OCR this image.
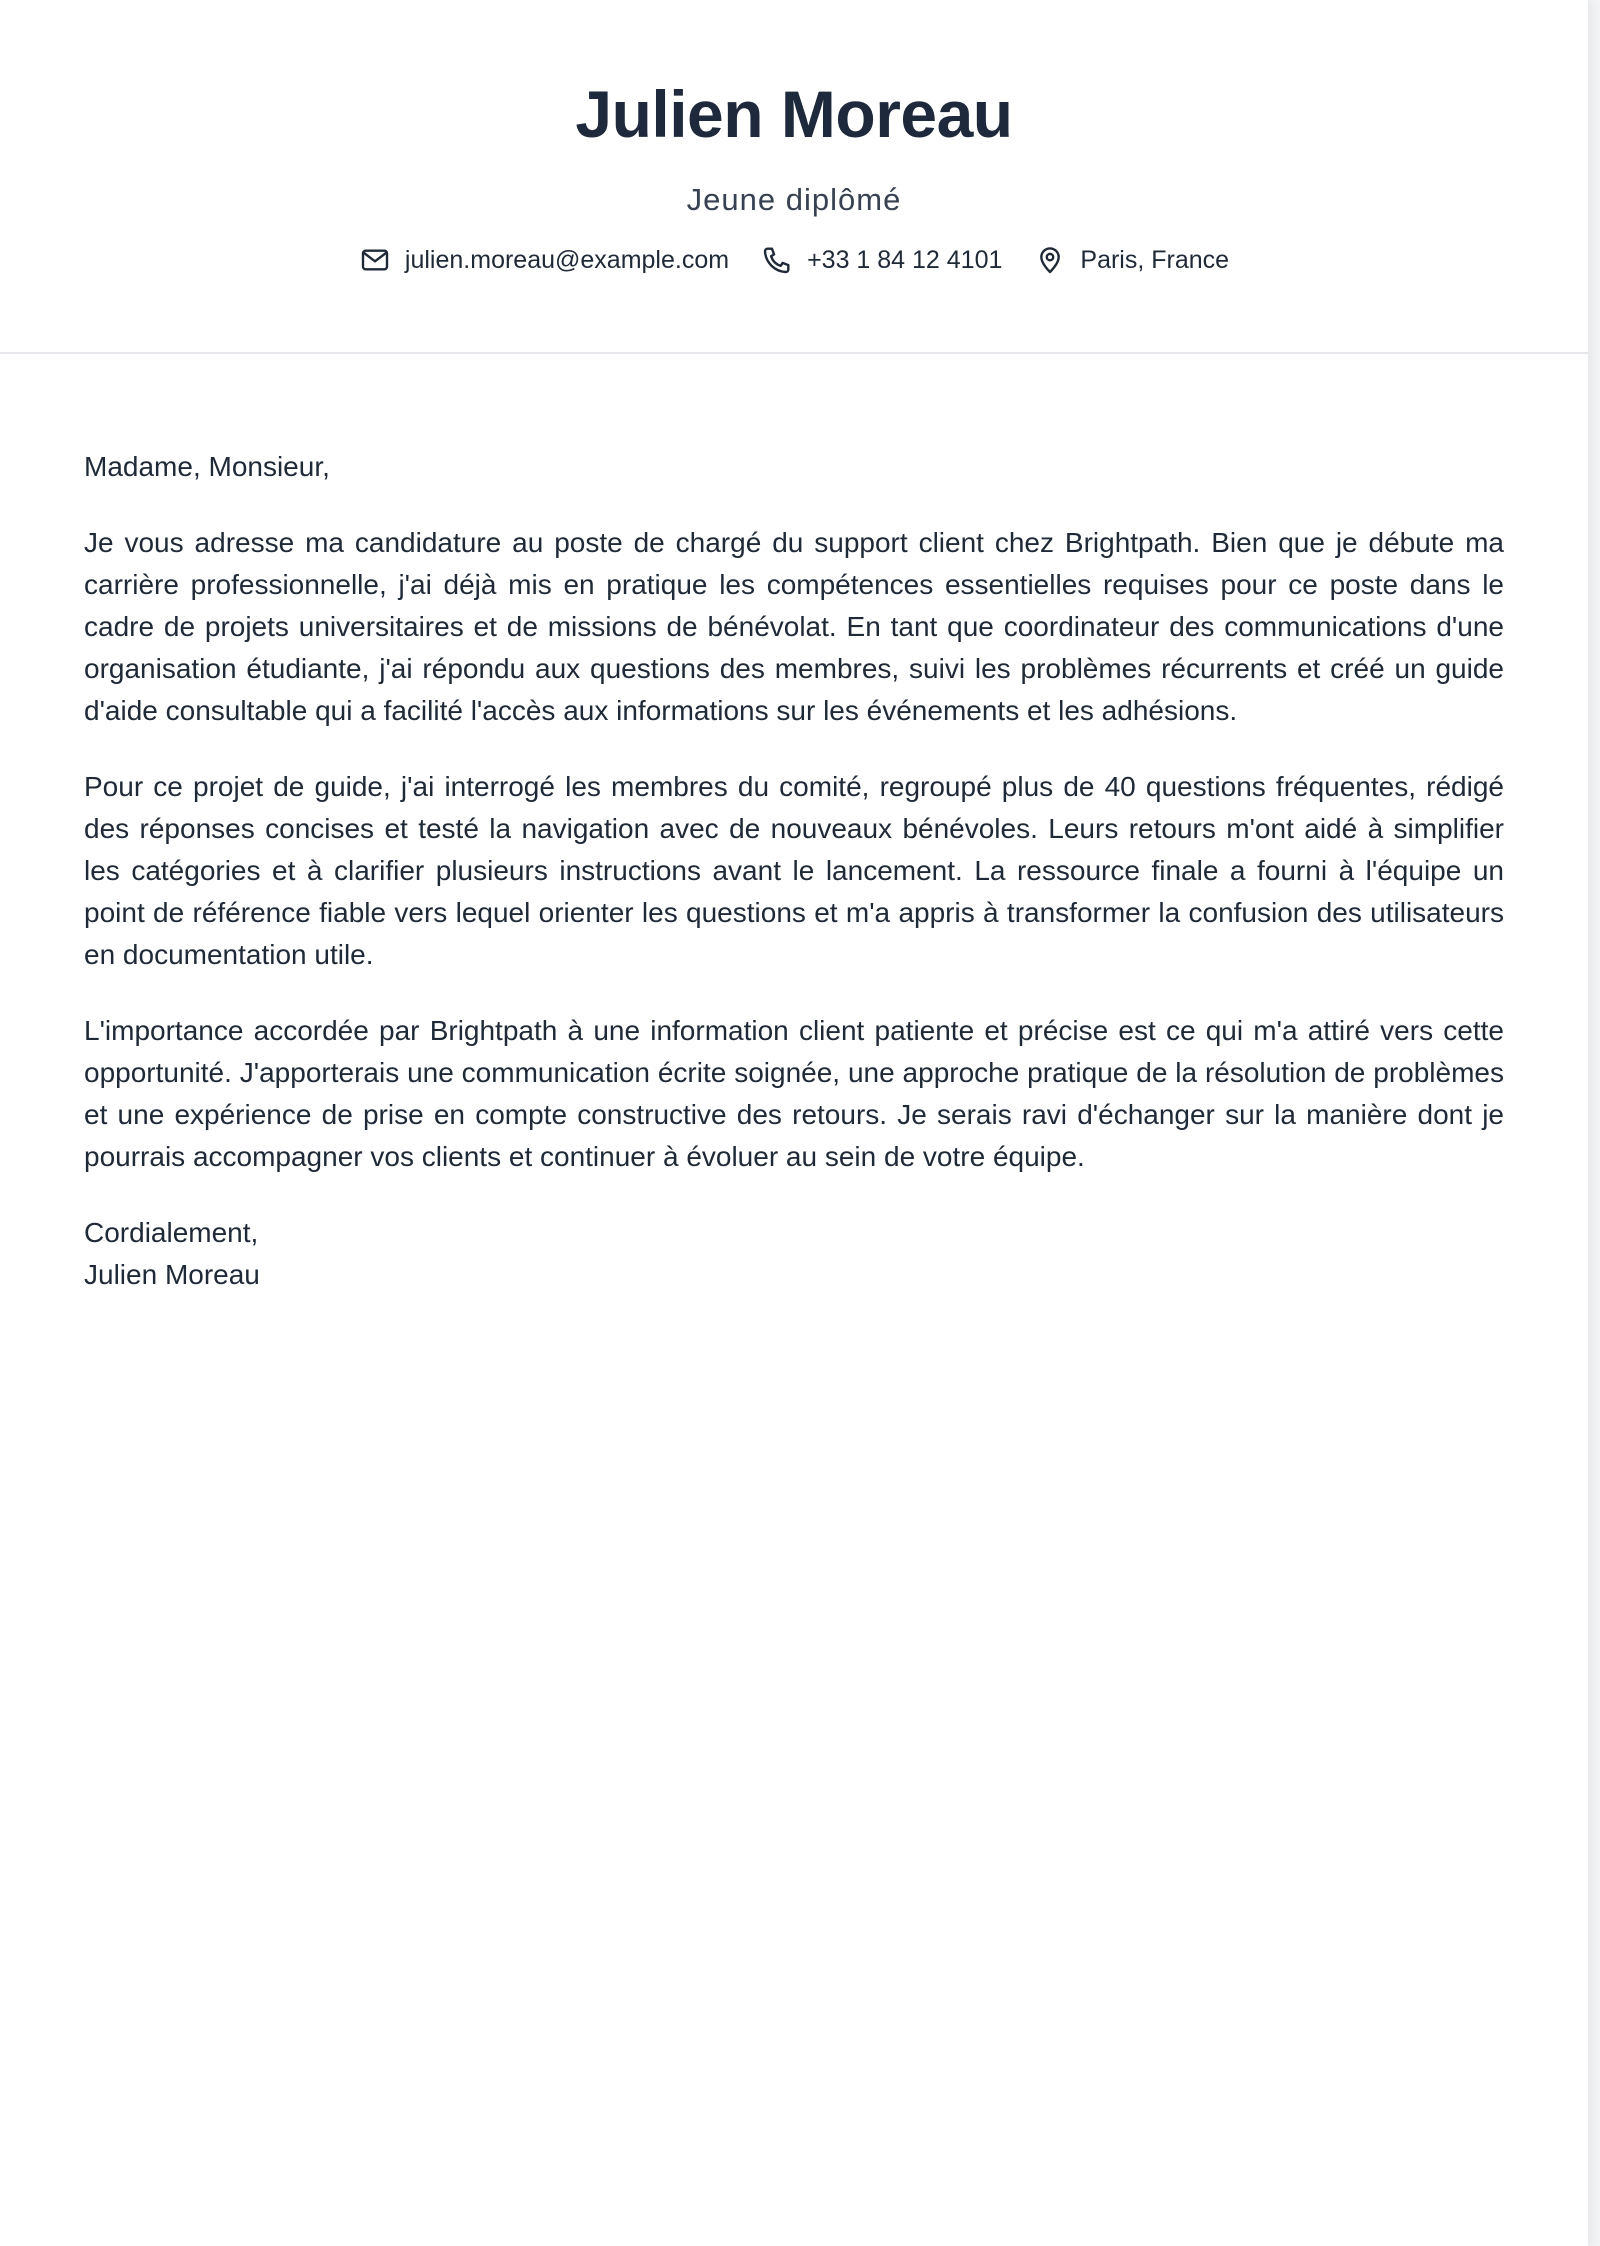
Julien Moreau
Jeune diplômé
julien.moreau@example.com	+33 1 84 12 4101	Paris, France
Madame, Monsieur,

Je vous adresse ma candidature au poste de chargé du support client chez Brightpath. Bien que je débute ma carrière professionnelle, j'ai déjà mis en pratique les compétences essentielles requises pour ce poste dans le cadre de projets universitaires et de missions de bénévolat. En tant que coordinateur des communications d'une organisation étudiante, j'ai répondu aux questions des membres, suivi les problèmes récurrents et créé un guide d'aide consultable qui a facilité l'accès aux informations sur les événements et les adhésions.

Pour ce projet de guide, j'ai interrogé les membres du comité, regroupé plus de 40 questions fréquentes, rédigé des réponses concises et testé la navigation avec de nouveaux bénévoles. Leurs retours m'ont aidé à simplifier les catégories et à clarifier plusieurs instructions avant le lancement. La ressource finale a fourni à l'équipe un point de référence fiable vers lequel orienter les questions et m'a appris à transformer la confusion des utilisateurs en documentation utile.

L'importance accordée par Brightpath à une information client patiente et précise est ce qui m'a attiré vers cette opportunité. J'apporterais une communication écrite soignée, une approche pratique de la résolution de problèmes et une expérience de prise en compte constructive des retours. Je serais ravi d'échanger sur la manière dont je pourrais accompagner vos clients et continuer à évoluer au sein de votre équipe.

Cordialement,
Julien Moreau
